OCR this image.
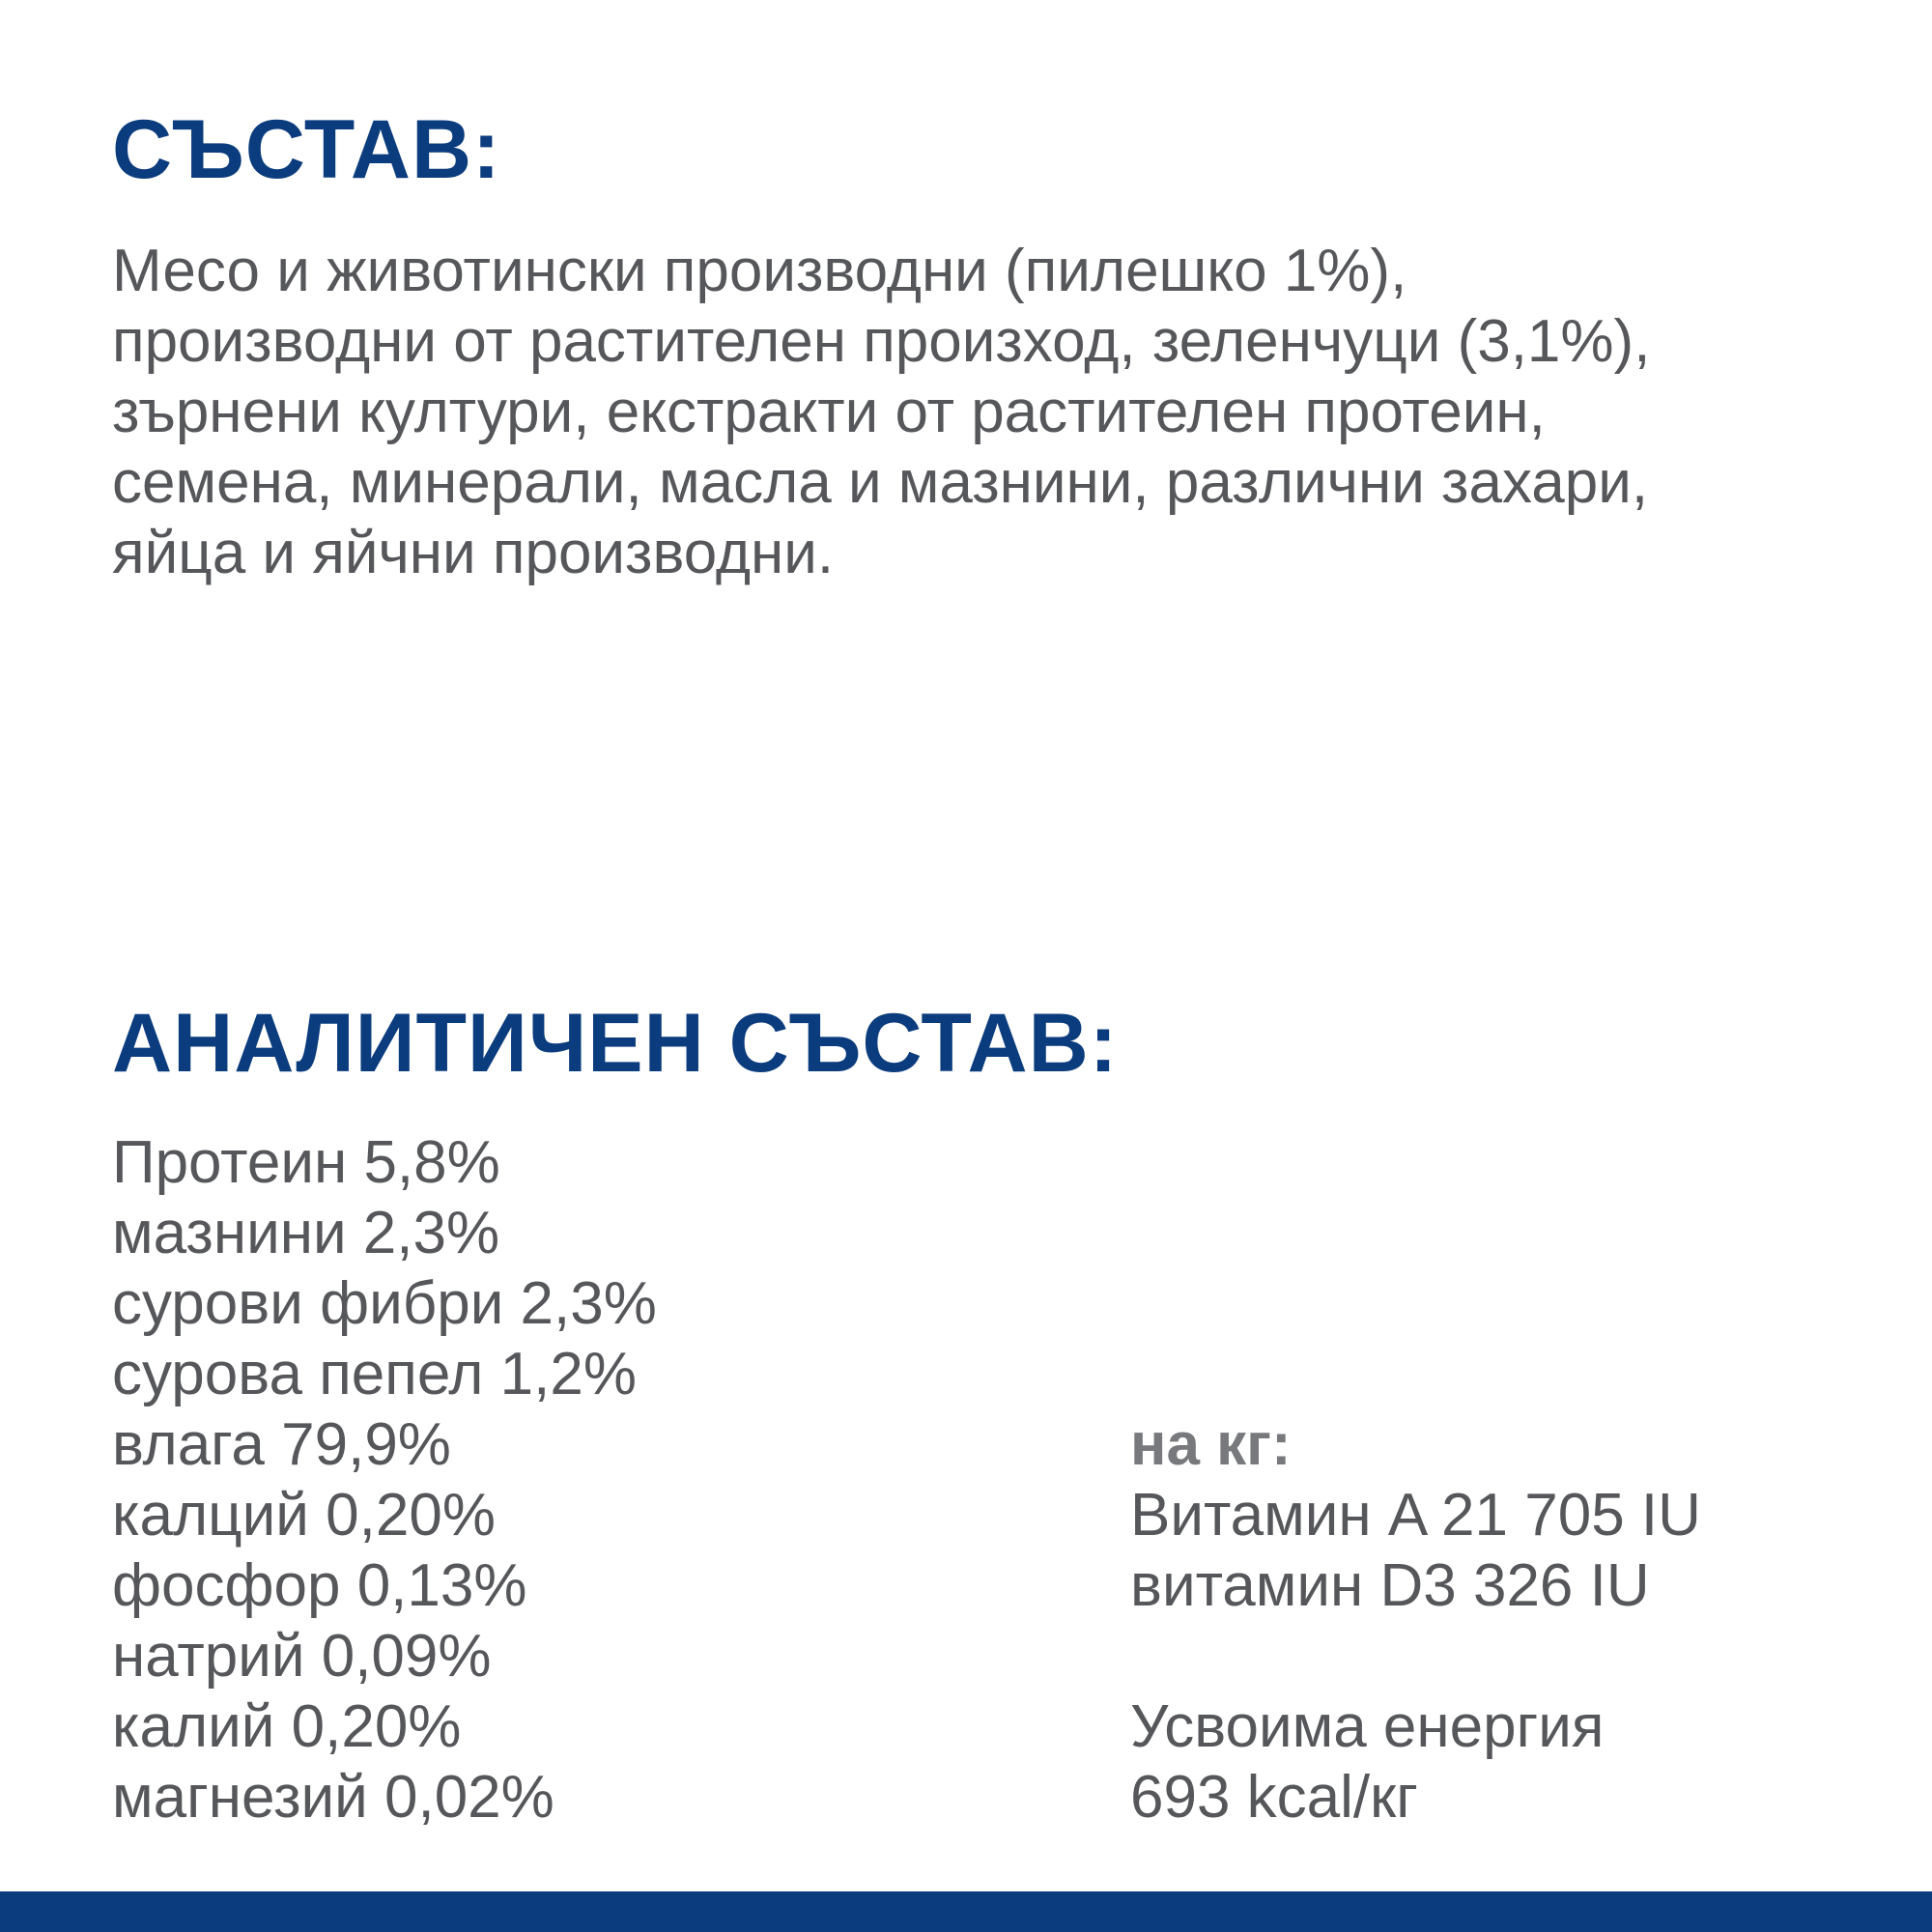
СЪСТАВ:
Месо и животински производни (пилешко 1%),
производни от растителен произход, зеленчуци (3,1%),
зърнени култури, екстракти от растителен протеин,
семена, минерали, масла и мазнини, различни захари,
яйца и яйчни производни.
АНАЛИТИЧЕН СЪСТАВ:
Протеин 5,8%
мазнини 2,3%
сурови фибри 2,3%
сурова пепел 1,2%
влага 79,9%
калций 0,20%
фосфор 0,13%
натрий 0,09%
калий 0,20%
магнезий 0,02%
на кг:
Витамин A 21 705 IU
витамин D3 326 IU
Усвоима енергия
693 kcal/кг
